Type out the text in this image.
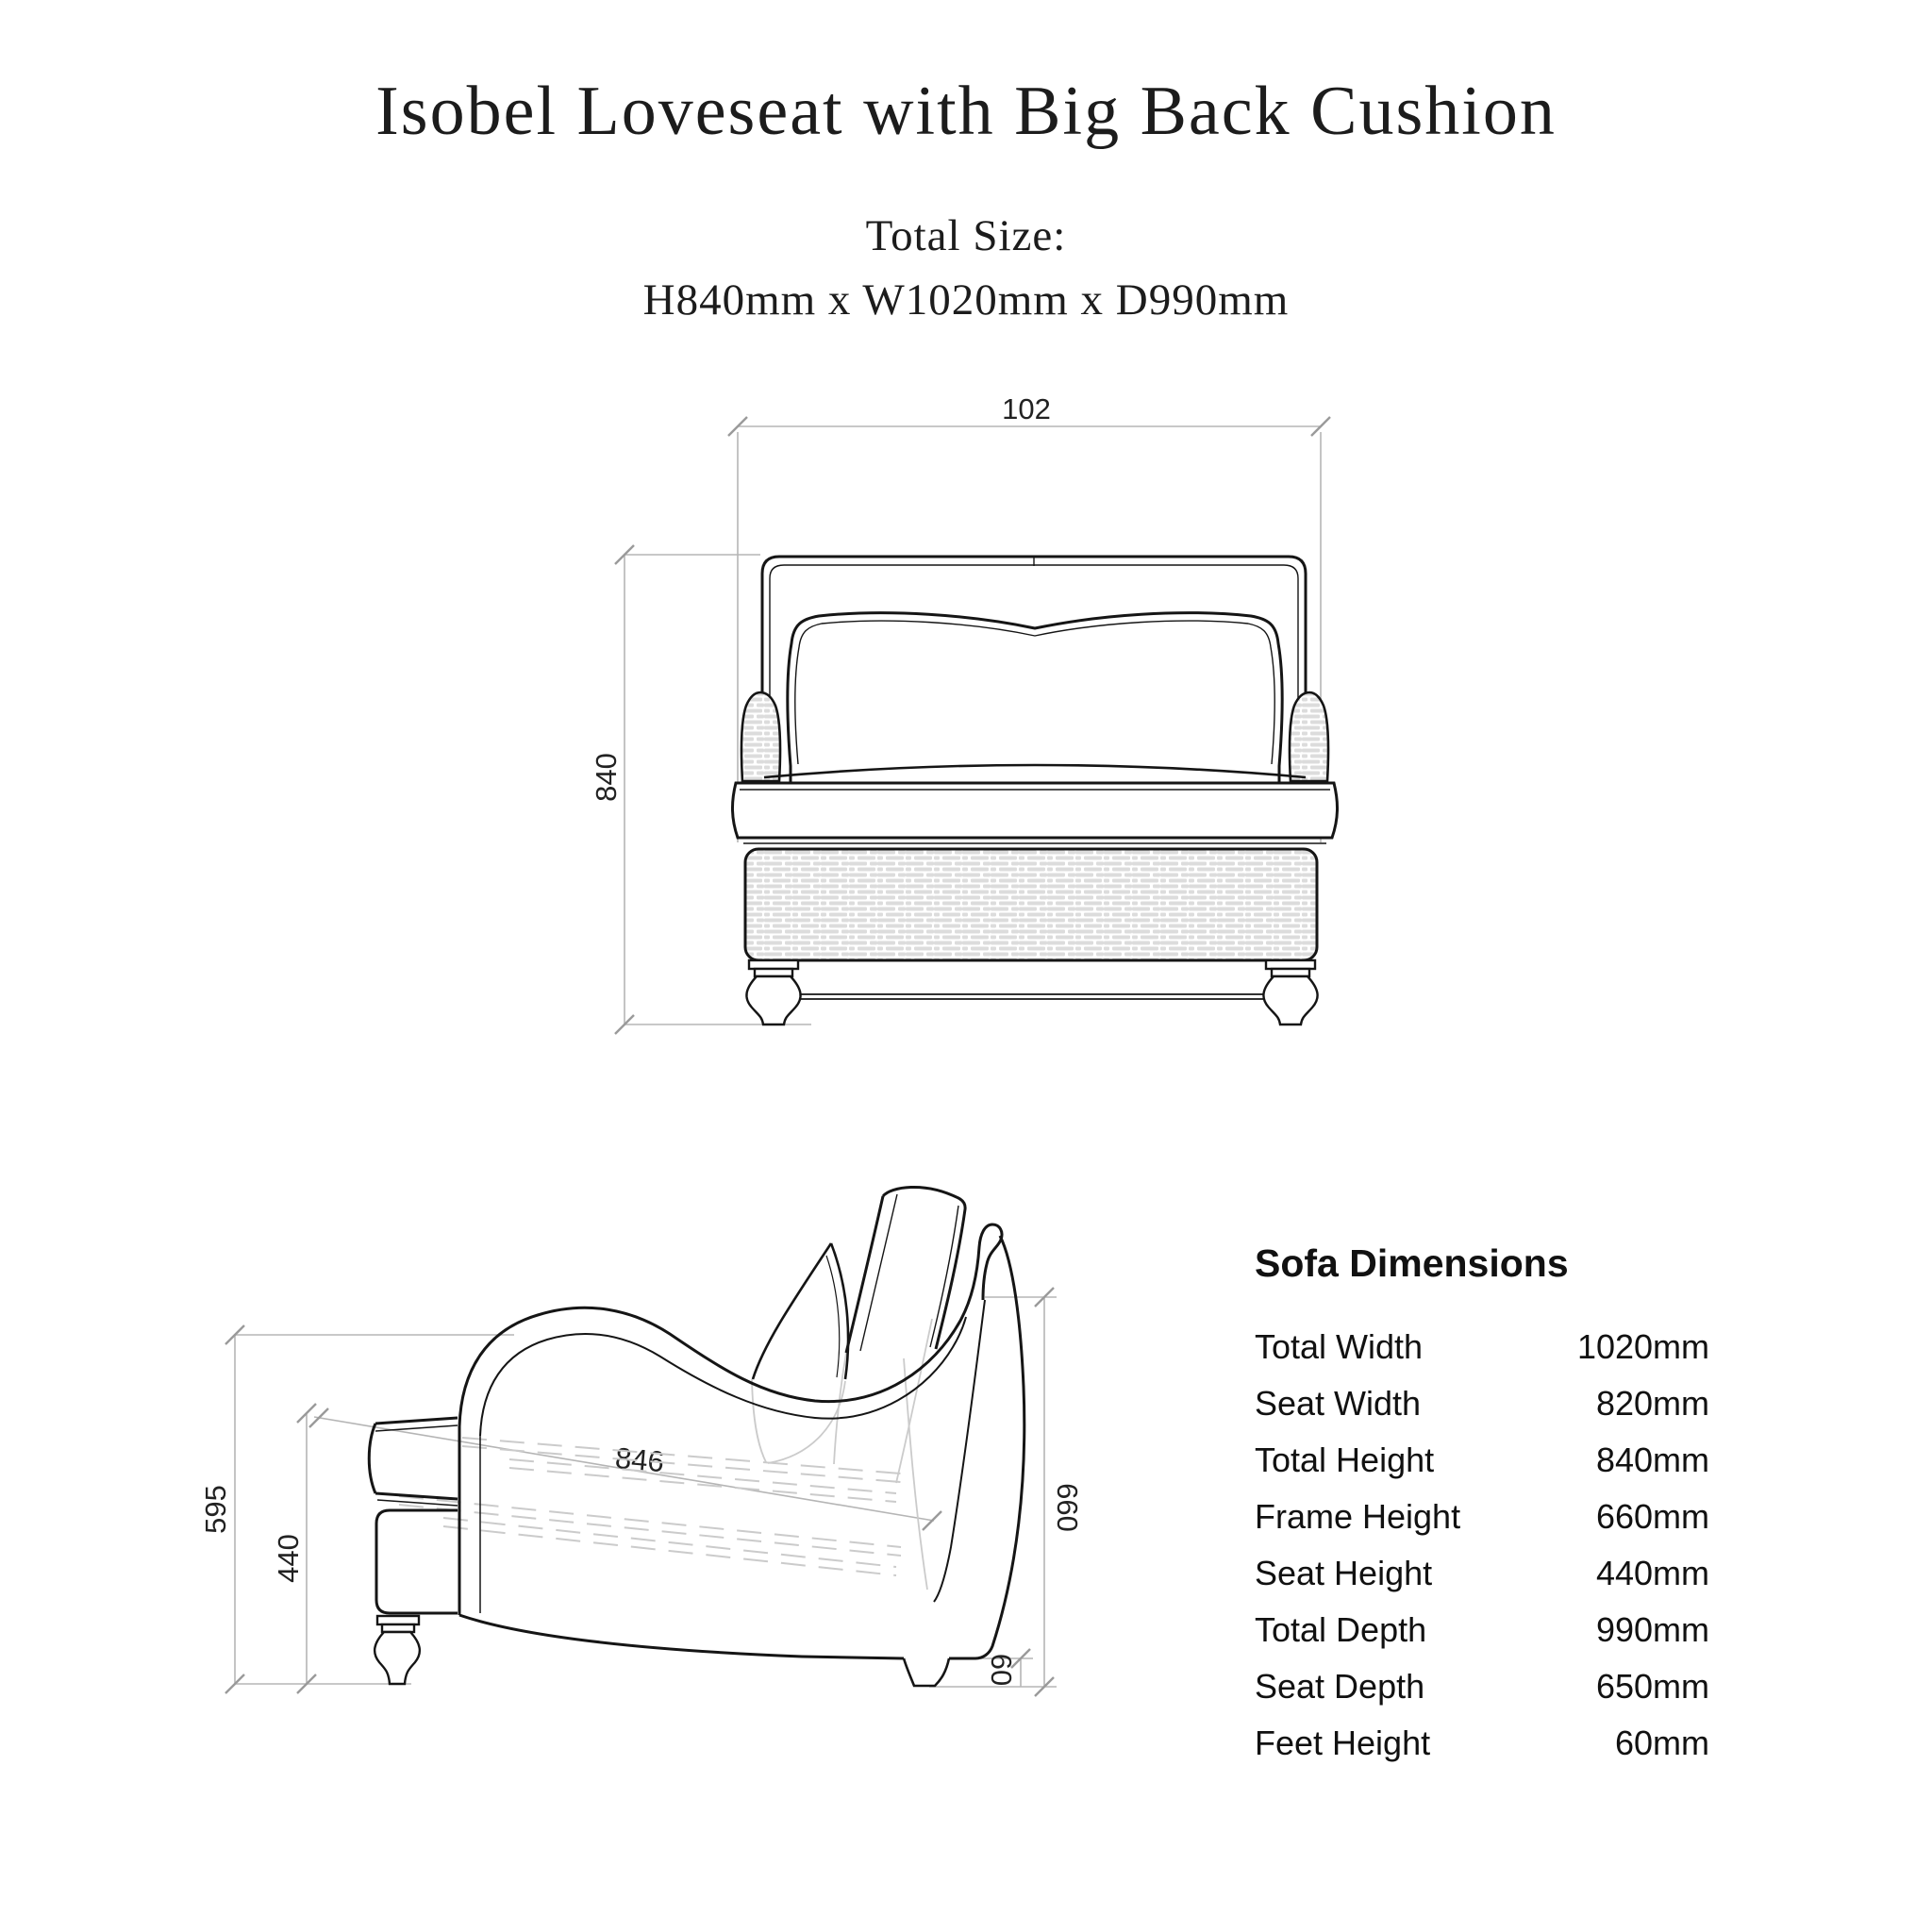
Isobel Loveseat with Big Back Cushion
Total Size:
H840mm x W1020mm x D990mm
102
840
595
440
846
660
60
Sofa Dimensions
Total Width	1020mm
Seat Width	820mm
Total Height	840mm
Frame Height	660mm
Seat Height	440mm
Total Depth	990mm
Seat Depth	650mm
Feet Height	60mm
